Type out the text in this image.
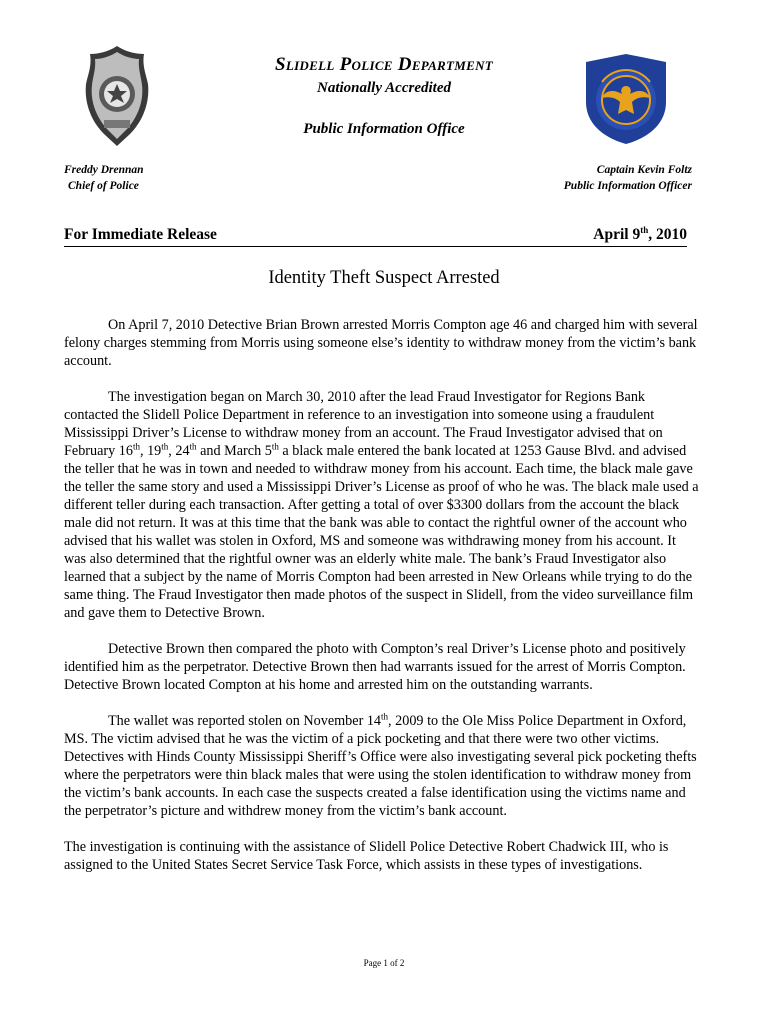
Slidell Police Department
Nationally Accredited
Public Information Office
Freddy Drennan
Chief of Police
Captain Kevin Foltz
Public Information Officer
For Immediate Release	April 9th, 2010
Identity Theft Suspect Arrested

On April 7, 2010 Detective Brian Brown arrested Morris Compton age 46 and charged him with several felony charges stemming from Morris using someone else’s identity to withdraw money from the victim’s bank account.

The investigation began on March 30, 2010 after the lead Fraud Investigator for Regions Bank contacted the Slidell Police Department in reference to an investigation into someone using a fraudulent Mississippi Driver’s License to withdraw money from an account. The Fraud Investigator advised that on February 16th, 19th, 24th and March 5th a black male entered the bank located at 1253 Gause Blvd. and advised the teller that he was in town and needed to withdraw money from his account. Each time, the black male gave the teller the same story and used a Mississippi Driver’s License as proof of who he was. The black male used a different teller during each transaction. After getting a total of over $3300 dollars from the account the black male did not return. It was at this time that the bank was able to contact the rightful owner of the account who advised that his wallet was stolen in Oxford, MS and someone was withdrawing money from his account. It was also determined that the rightful owner was an elderly white male. The bank’s Fraud Investigator also learned that a subject by the name of Morris Compton had been arrested in New Orleans while trying to do the same thing. The Fraud Investigator then made photos of the suspect in Slidell, from the video surveillance film and gave them to Detective Brown.

Detective Brown then compared the photo with Compton’s real Driver’s License photo and positively identified him as the perpetrator. Detective Brown then had warrants issued for the arrest of Morris Compton. Detective Brown located Compton at his home and arrested him on the outstanding warrants.

The wallet was reported stolen on November 14th, 2009 to the Ole Miss Police Department in Oxford, MS. The victim advised that he was the victim of a pick pocketing and that there were two other victims. Detectives with Hinds County Mississippi Sheriff’s Office were also investigating several pick pocketing thefts where the perpetrators were thin black males that were using the stolen identification to withdraw money from the victim’s bank accounts. In each case the suspects created a false identification using the victims name and the perpetrator’s picture and withdrew money from the victim’s bank account.

The investigation is continuing with the assistance of Slidell Police Detective Robert Chadwick III, who is assigned to the United States Secret Service Task Force, which assists in these types of investigations.

Page 1 of 2
